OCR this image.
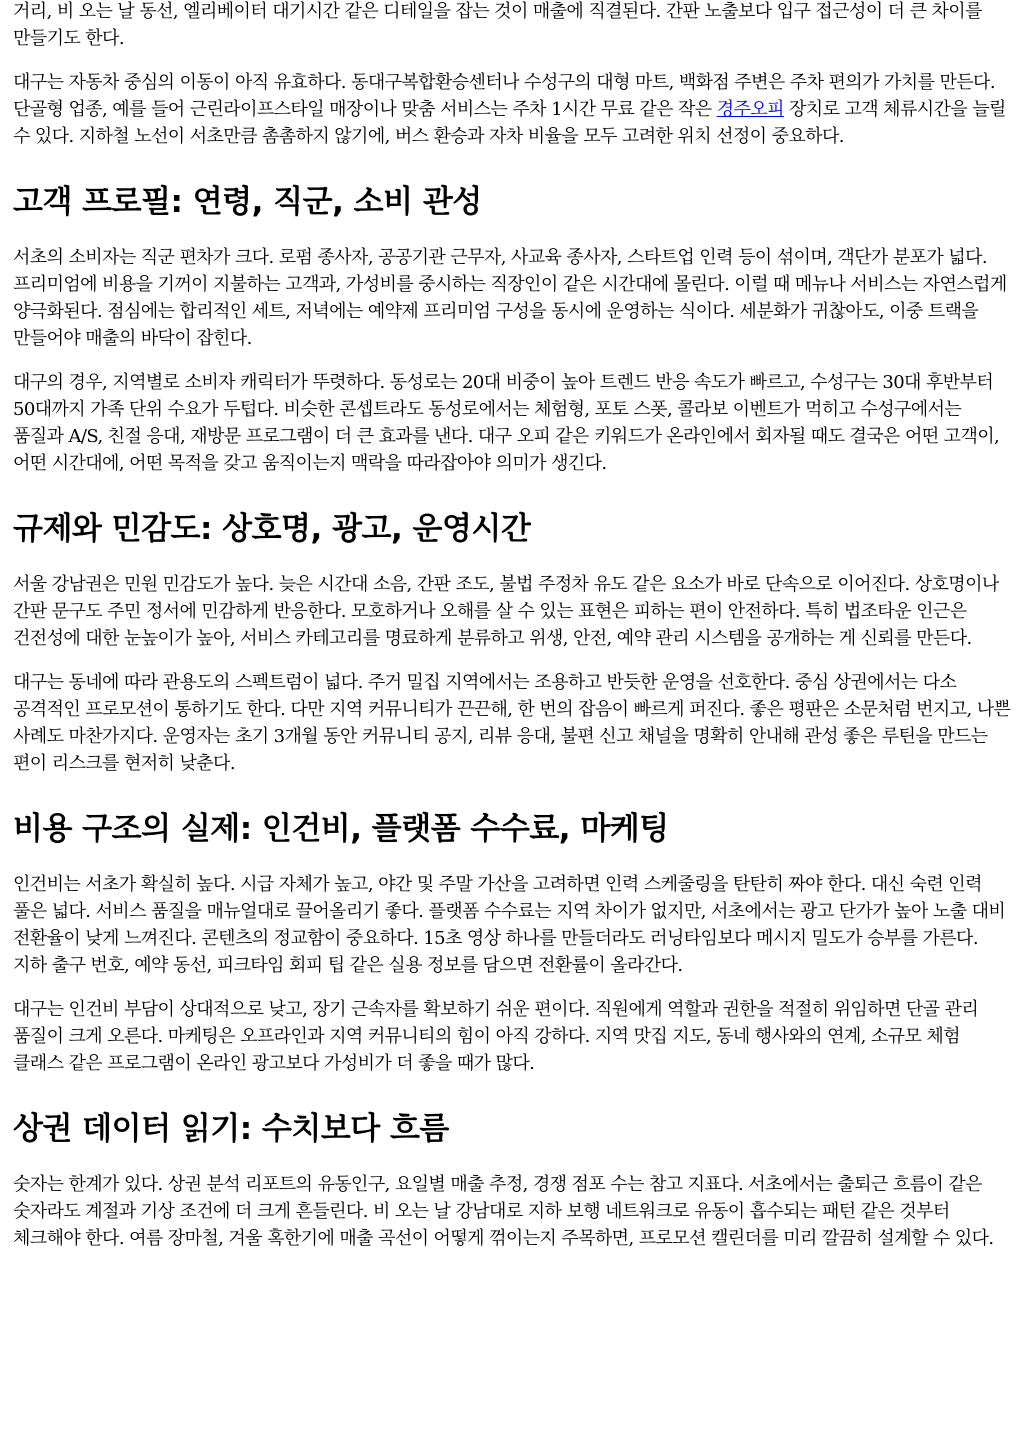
거리, 비 오는 날 동선, 엘리베이터 대기시간 같은 디테일을 잡는 것이 매출에 직결된다. 간판 노출보다 입구 접근성이 더 큰 차이를 만들기도 한다.

대구는 자동차 중심의 이동이 아직 유효하다. 동대구복합환승센터나 수성구의 대형 마트, 백화점 주변은 주차 편의가 가치를 만든다. 단골형 업종, 예를 들어 근린라이프스타일 매장이나 맞춤 서비스는 주차 1시간 무료 같은 작은 경주오피 장치로 고객 체류시간을 늘릴 수 있다. 지하철 노선이 서초만큼 촘촘하지 않기에, 버스 환승과 자차 비율을 모두 고려한 위치 선정이 중요하다.

고객 프로필: 연령, 직군, 소비 관성

서초의 소비자는 직군 편차가 크다. 로펌 종사자, 공공기관 근무자, 사교육 종사자, 스타트업 인력 등이 섞이며, 객단가 분포가 넓다. 프리미엄에 비용을 기꺼이 지불하는 고객과, 가성비를 중시하는 직장인이 같은 시간대에 몰린다. 이럴 때 메뉴나 서비스는 자연스럽게 양극화된다. 점심에는 합리적인 세트, 저녁에는 예약제 프리미엄 구성을 동시에 운영하는 식이다. 세분화가 귀찮아도, 이중 트랙을 만들어야 매출의 바닥이 잡힌다.

대구의 경우, 지역별로 소비자 캐릭터가 뚜렷하다. 동성로는 20대 비중이 높아 트렌드 반응 속도가 빠르고, 수성구는 30대 후반부터 50대까지 가족 단위 수요가 두텁다. 비슷한 콘셉트라도 동성로에서는 체험형, 포토 스폿, 콜라보 이벤트가 먹히고 수성구에서는 품질과 A/S, 친절 응대, 재방문 프로그램이 더 큰 효과를 낸다. 대구 오피 같은 키워드가 온라인에서 회자될 때도 결국은 어떤 고객이, 어떤 시간대에, 어떤 목적을 갖고 움직이는지 맥락을 따라잡아야 의미가 생긴다.

규제와 민감도: 상호명, 광고, 운영시간

서울 강남권은 민원 민감도가 높다. 늦은 시간대 소음, 간판 조도, 불법 주정차 유도 같은 요소가 바로 단속으로 이어진다. 상호명이나 간판 문구도 주민 정서에 민감하게 반응한다. 모호하거나 오해를 살 수 있는 표현은 피하는 편이 안전하다. 특히 법조타운 인근은 건전성에 대한 눈높이가 높아, 서비스 카테고리를 명료하게 분류하고 위생, 안전, 예약 관리 시스템을 공개하는 게 신뢰를 만든다.

대구는 동네에 따라 관용도의 스펙트럼이 넓다. 주거 밀집 지역에서는 조용하고 반듯한 운영을 선호한다. 중심 상권에서는 다소 공격적인 프로모션이 통하기도 한다. 다만 지역 커뮤니티가 끈끈해, 한 번의 잡음이 빠르게 퍼진다. 좋은 평판은 소문처럼 번지고, 나쁜 사례도 마찬가지다. 운영자는 초기 3개월 동안 커뮤니티 공지, 리뷰 응대, 불편 신고 채널을 명확히 안내해 관성 좋은 루틴을 만드는 편이 리스크를 현저히 낮춘다.

비용 구조의 실제: 인건비, 플랫폼 수수료, 마케팅

인건비는 서초가 확실히 높다. 시급 자체가 높고, 야간 및 주말 가산을 고려하면 인력 스케줄링을 탄탄히 짜야 한다. 대신 숙련 인력 풀은 넓다. 서비스 품질을 매뉴얼대로 끌어올리기 좋다. 플랫폼 수수료는 지역 차이가 없지만, 서초에서는 광고 단가가 높아 노출 대비 전환율이 낮게 느껴진다. 콘텐츠의 정교함이 중요하다. 15초 영상 하나를 만들더라도 러닝타임보다 메시지 밀도가 승부를 가른다. 지하 출구 번호, 예약 동선, 피크타임 회피 팁 같은 실용 정보를 담으면 전환률이 올라간다.

대구는 인건비 부담이 상대적으로 낮고, 장기 근속자를 확보하기 쉬운 편이다. 직원에게 역할과 권한을 적절히 위임하면 단골 관리 품질이 크게 오른다. 마케팅은 오프라인과 지역 커뮤니티의 힘이 아직 강하다. 지역 맛집 지도, 동네 행사와의 연계, 소규모 체험 클래스 같은 프로그램이 온라인 광고보다 가성비가 더 좋을 때가 많다.

상권 데이터 읽기: 수치보다 흐름

숫자는 한계가 있다. 상권 분석 리포트의 유동인구, 요일별 매출 추정, 경쟁 점포 수는 참고 지표다. 서초에서는 출퇴근 흐름이 같은 숫자라도 계절과 기상 조건에 더 크게 흔들린다. 비 오는 날 강남대로 지하 보행 네트워크로 유동이 흡수되는 패턴 같은 것부터 체크해야 한다. 여름 장마철, 겨울 혹한기에 매출 곡선이 어떻게 꺾이는지 주목하면, 프로모션 캘린더를 미리 깔끔히 설계할 수 있다.
